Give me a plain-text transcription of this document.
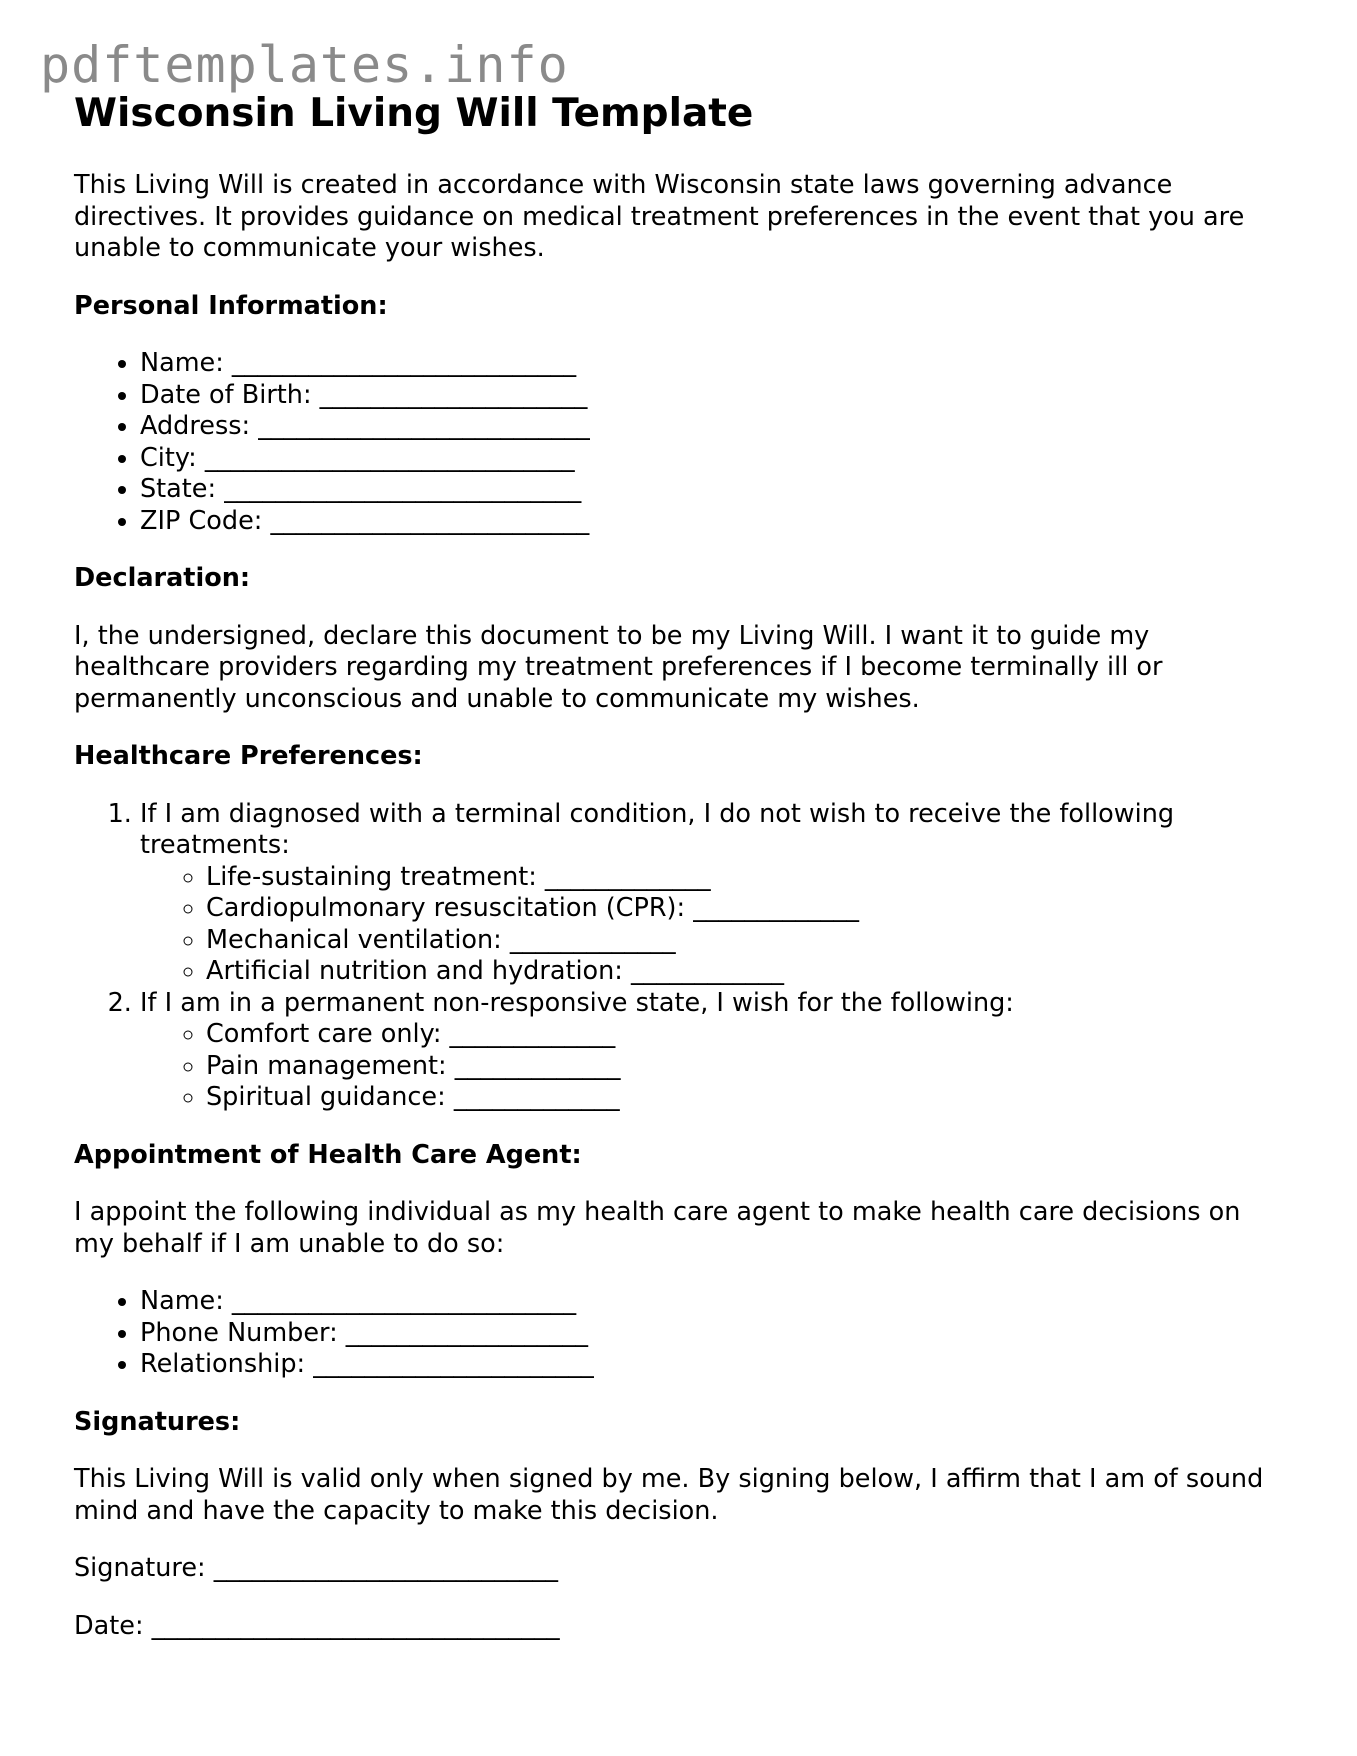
pdftemplates.info
Wisconsin Living Will Template

This Living Will is created in accordance with Wisconsin state laws governing advance directives. It provides guidance on medical treatment preferences in the event that you are unable to communicate your wishes.

Personal Information:
• Name: ___________________________
• Date of Birth: _____________________
• Address: __________________________
• City: _____________________________
• State: ____________________________
• ZIP Code: _________________________
Declaration:

I, the undersigned, declare this document to be my Living Will. I want it to guide my healthcare providers regarding my treatment preferences if I become terminally ill or permanently unconscious and unable to communicate my wishes.

Healthcare Preferences:
1. If I am diagnosed with a terminal condition, I do not wish to receive the following treatments:
◦ Life-sustaining treatment: _____________
◦ Cardiopulmonary resuscitation (CPR): _____________
◦ Mechanical ventilation: _____________
◦ Artificial nutrition and hydration: ____________
2. If I am in a permanent non-responsive state, I wish for the following:
◦ Comfort care only: _____________
◦ Pain management: _____________
◦ Spiritual guidance: _____________
Appointment of Health Care Agent:

I appoint the following individual as my health care agent to make health care decisions on my behalf if I am unable to do so:

• Name: ___________________________
• Phone Number: ___________________
• Relationship: ______________________
Signatures:

This Living Will is valid only when signed by me. By signing below, I affirm that I am of sound mind and have the capacity to make this decision.

Signature: ___________________________

Date: ________________________________
